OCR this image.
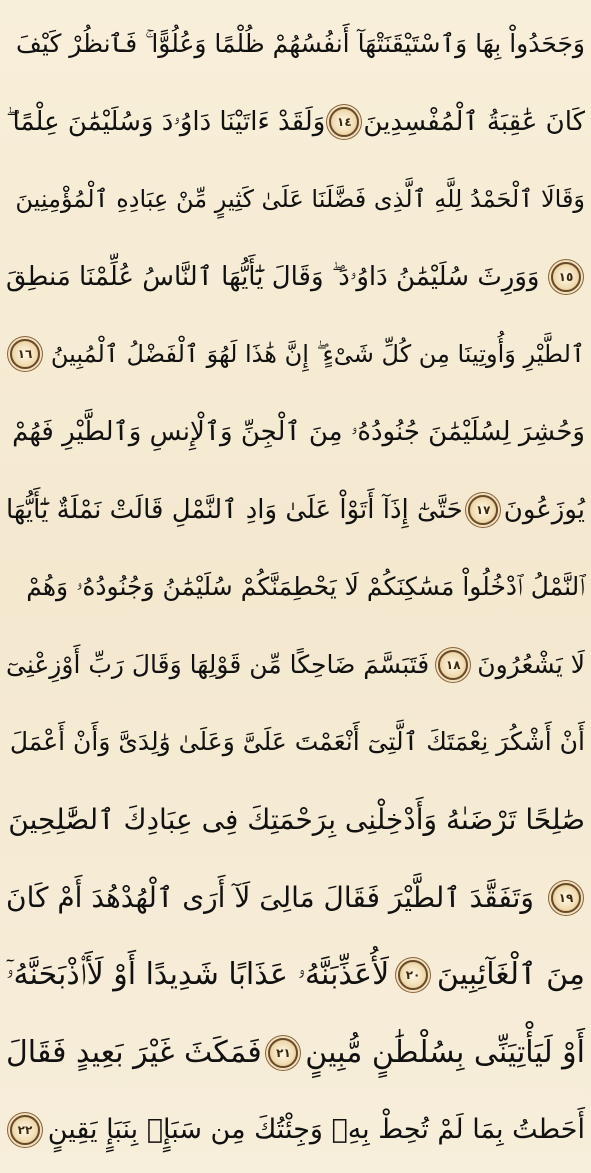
وَجَحَدُواْ بِهَا وَٱسْتَيْقَنَتْهَآ أَنفُسُهُمْ ظُلْمًا وَعُلُوًّا ۚ فَٱنظُرْ كَيْفَ
كَانَ عَٰقِبَةُ ٱلْمُفْسِدِينَ
١٤
وَلَقَدْ ءَاتَيْنَا دَاوُۥدَ وَسُلَيْمَٰنَ عِلْمًا ۖ
وَقَالَا ٱلْحَمْدُ لِلَّهِ ٱلَّذِى فَضَّلَنَا عَلَىٰ كَثِيرٍ مِّنْ عِبَادِهِ ٱلْمُؤْمِنِينَ
١٥
وَوَرِثَ سُلَيْمَٰنُ دَاوُۥدَ ۖ وَقَالَ يَٰٓأَيُّهَا ٱلنَّاسُ عُلِّمْنَا مَنطِقَ
ٱلطَّيْرِ وَأُوتِينَا مِن كُلِّ شَىْءٍ ۖ إِنَّ هَٰذَا لَهُوَ ٱلْفَضْلُ ٱلْمُبِينُ
١٦
وَحُشِرَ لِسُلَيْمَٰنَ جُنُودُهُۥ مِنَ ٱلْجِنِّ وَٱلْإِنسِ وَٱلطَّيْرِ فَهُمْ
يُوزَعُونَ
١٧
حَتَّىٰٓ إِذَآ أَتَوْاْ عَلَىٰ وَادِ ٱلنَّمْلِ قَالَتْ نَمْلَةٌ يَٰٓأَيُّهَا
ٱلنَّمْلُ ٱدْخُلُواْ مَسَٰكِنَكُمْ لَا يَحْطِمَنَّكُمْ سُلَيْمَٰنُ وَجُنُودُهُۥ وَهُمْ
لَا يَشْعُرُونَ
١٨
فَتَبَسَّمَ ضَاحِكًا مِّن قَوْلِهَا وَقَالَ رَبِّ أَوْزِعْنِىٓ
أَنْ أَشْكُرَ نِعْمَتَكَ ٱلَّتِىٓ أَنْعَمْتَ عَلَىَّ وَعَلَىٰ وَٰلِدَىَّ وَأَنْ أَعْمَلَ
صَٰلِحًا تَرْضَىٰهُ وَأَدْخِلْنِى بِرَحْمَتِكَ فِى عِبَادِكَ ٱلصَّٰلِحِينَ
١٩
وَتَفَقَّدَ ٱلطَّيْرَ فَقَالَ مَالِىَ لَآ أَرَى ٱلْهُدْهُدَ أَمْ كَانَ
مِنَ ٱلْغَآئِبِينَ
٢٠
لَأُعَذِّبَنَّهُۥ عَذَابًا شَدِيدًا أَوْ لَأَا۟ذْبَحَنَّهُۥٓ
أَوْ لَيَأْتِيَنِّى بِسُلْطَٰنٍ مُّبِينٍ
٢١
فَمَكَثَ غَيْرَ بَعِيدٍ فَقَالَ
أَحَطتُ بِمَا لَمْ تُحِطْ بِهِۦ وَجِئْتُكَ مِن سَبَإٍۭ بِنَبَإٍ يَقِينٍ
٢٢
